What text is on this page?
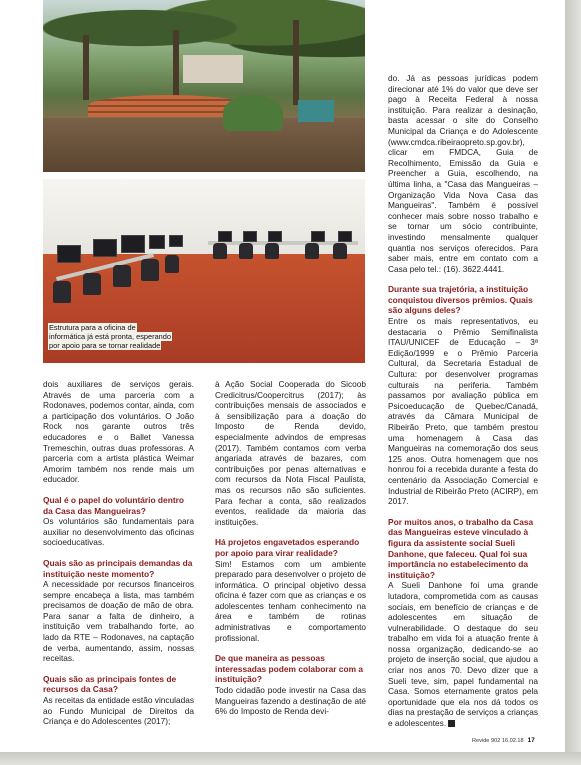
Estrutura para a oficina de informática já está pronta, esperando por apoio para se tornar realidade

dois auxiliares de serviços gerais. Através de uma parceria com a Rodonaves, podemos contar, ainda, com a participação dos voluntários. O João Rock nos garante outros três educadores e o Ballet Vanessa Tremeschin, outras duas professoras. A parceria com a artista plástica Weimar Amorim também nos rende mais um educador.

Qual é o papel do voluntário dentro da Casa das Mangueiras?

Os voluntários são fundamentais para auxiliar no desenvolvimento das oficinas socioeducativas.

Quais são as principais demandas da instituição neste momento?

A necessidade por recursos financeiros sempre encabeça a lista, mas também precisamos de doação de mão de obra. Para sanar a falta de dinheiro, a instituição vem trabalhando forte, ao lado da RTE – Rodonaves, na captação de verba, aumentando, assim, nossas receitas.

Quais são as principais fontes de recursos da Casa?

As receitas da entidade estão vinculadas ao Fundo Municipal de Direitos da Criança e do Adolescentes (2017);

à Ação Social Cooperada do Sicoob Credicitrus/Coopercitrus (2017); às contribuições mensais de associados e à sensibilização para a doação do Imposto de Renda devido, especialmente advindos de empresas (2017). Também contamos com verba angariada através de bazares, com contribuições por penas alternativas e com recursos da Nota Fiscal Paulista, mas os recursos não são suficientes. Para fechar a conta, são realizados eventos, realidade da maioria das instituições.

Há projetos engavetados esperando por apoio para virar realidade?

Sim! Estamos com um ambiente preparado para desenvolver o projeto de informática. O principal objetivo dessa oficina é fazer com que as crianças e os adolescentes tenham conhecimento na área e também de rotinas administrativas e comportamento profissional.

De que maneira as pessoas interessadas podem colaborar com a instituição?

Todo cidadão pode investir na Casa das Mangueiras fazendo a destinação de até 6% do Imposto de Renda devi-

do. Já as pessoas jurídicas podem direcionar até 1% do valor que deve ser pago à Receita Federal à nossa instituição. Para realizar a desinação, basta acessar o site do Conselho Municipal da Criança e do Adolescente (www.cmdca.ribeiraopreto.sp.gov.br), clicar em FMDCA, Guia de Recolhimento, Emissão da Guia e Preencher a Guia, escolhendo, na última linha, a "Casa das Mangueiras – Organização Vida Nova Casa das Mangueiras". Também é possível conhecer mais sobre nosso trabalho e se tornar um sócio contribuinte, investindo mensalmente qualquer quantia nos serviços oferecidos. Para saber mais, entre em contato com a Casa pelo tel.: (16). 3622.4441.

Durante sua trajetória, a instituição conquistou diversos prêmios. Quais são alguns deles?

Entre os mais representativos, eu destacaria o Prêmio Semifinalista ITAU/UNICEF de Educação – 3ª Edição/1999 e o Prêmio Parceria Cultural, da Secretaria Estadual de Cultura: por desenvolver programas culturais na periferia. Também passamos por avaliação pública em Psicoeducação de Quebec/Canadá, através da Câmara Municipal de Ribeirão Preto, que também prestou uma homenagem à Casa das Mangueiras na comemoração dos seus 125 anos. Outra homenagem que nos honrou foi a recebida durante a festa do centenário da Associação Comercial e Industrial de Ribeirão Preto (ACIRP), em 2017.

Por muitos anos, o trabalho da Casa das Mangueiras esteve vinculado à figura da assistente social Sueli Danhone, que faleceu. Qual foi sua importância no estabelecimento da instituição?

A Sueli Danhone foi uma grande lutadora, comprometida com as causas sociais, em benefício de crianças e de adolescentes em situação de vulnerabilidade. O destaque do seu trabalho em vida foi a atuação frente à nossa organização, dedicando-se ao projeto de inserção social, que ajudou a criar nos anos 70. Devo dizer que a Sueli teve, sim, papel fundamental na Casa. Somos eternamente gratos pela oportunidade que ela nos dá todos os dias na prestação de serviços a crianças e adolescentes.

Revide 902 16.02.18 17
